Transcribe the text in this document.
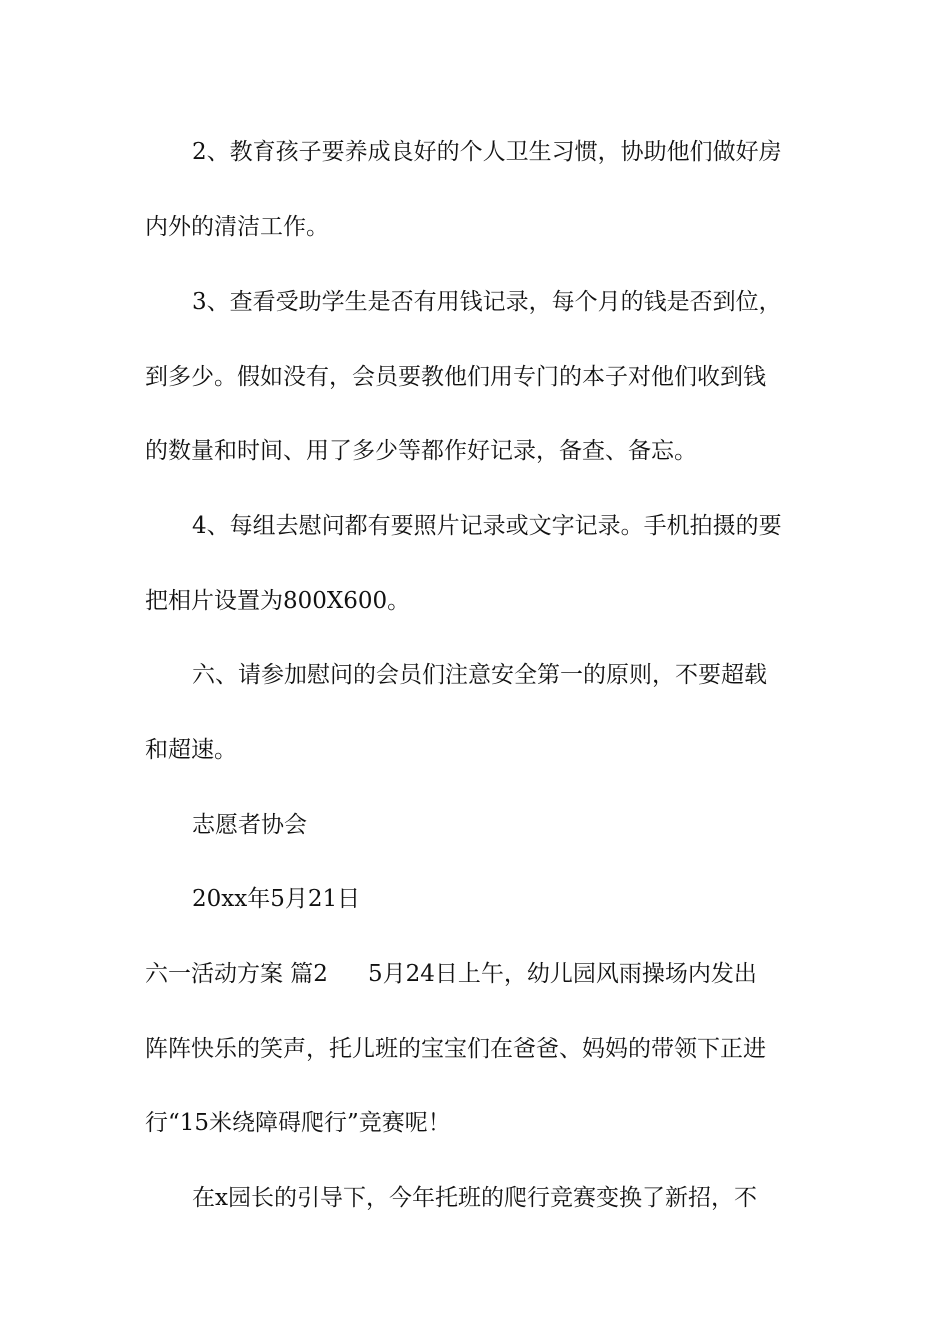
2、教育孩子要养成良好的个人卫生习惯，协助他们做好房
内外的清洁工作。
3、查看受助学生是否有用钱记录，每个月的钱是否到位，
到多少。假如没有，会员要教他们用专门的本子对他们收到钱
的数量和时间、用了多少等都作好记录，备查、备忘。
4、每组去慰问都有要照片记录或文字记录。手机拍摄的要
把相片设置为800X600。
六、请参加慰问的会员们注意安全第一的原则，不要超载
和超速。
志愿者协会
20xx年5月21日
六一活动方案 篇2 5月24日上午，幼儿园风雨操场内发出
阵阵快乐的笑声，托儿班的宝宝们在爸爸、妈妈的带领下正进
行“15米绕障碍爬行”竞赛呢！
在x园长的引导下，今年托班的爬行竞赛变换了新招，不
